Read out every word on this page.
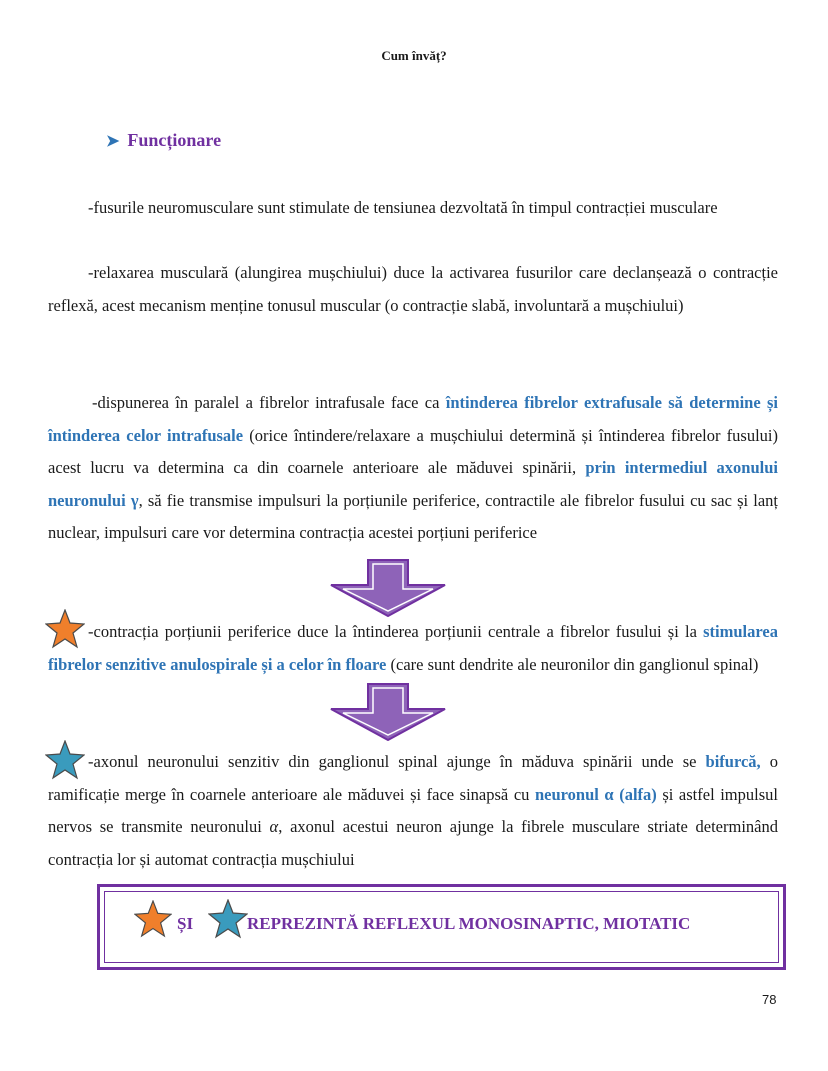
Cum învăț?
➤ Funcționare
-fusurile neuromusculare sunt stimulate de tensiunea dezvoltată în timpul contracției musculare
-relaxarea musculară (alungirea mușchiului) duce la activarea fusurilor care declanșează o contracție reflexă, acest mecanism menține tonusul muscular (o contracție slabă, involuntară a mușchiului)
-dispunerea în paralel a fibrelor intrafusale face ca întinderea fibrelor extrafusale să determine și întinderea celor intrafusale (orice întindere/relaxare a mușchiului determină și întinderea fibrelor fusului) acest lucru va determina ca din coarnele anterioare ale măduvei spinării, prin intermediul axonului neuronului γ, să fie transmise impulsuri la porțiunile periferice, contractile ale fibrelor fusului cu sac și lanț nuclear, impulsuri care vor determina contracția acestei porțiuni periferice
-contracția porțiunii periferice duce la întinderea porțiunii centrale a fibrelor fusului și la stimularea fibrelor senzitive anulospirale și a celor în floare (care sunt dendrite ale neuronilor din ganglionul spinal)
-axonul neuronului senzitiv din ganglionul spinal ajunge în măduva spinării unde se bifurcă, o ramificație merge în coarnele anterioare ale măduvei și face sinapsă cu neuronul α (alfa) și astfel impulsul nervos se transmite neuronului α, axonul acestui neuron ajunge la fibrele musculare striate determinând contracția lor și automat contracția mușchiului
ȘI	REPREZINTĂ REFLEXUL MONOSINAPTIC, MIOTATIC
78
